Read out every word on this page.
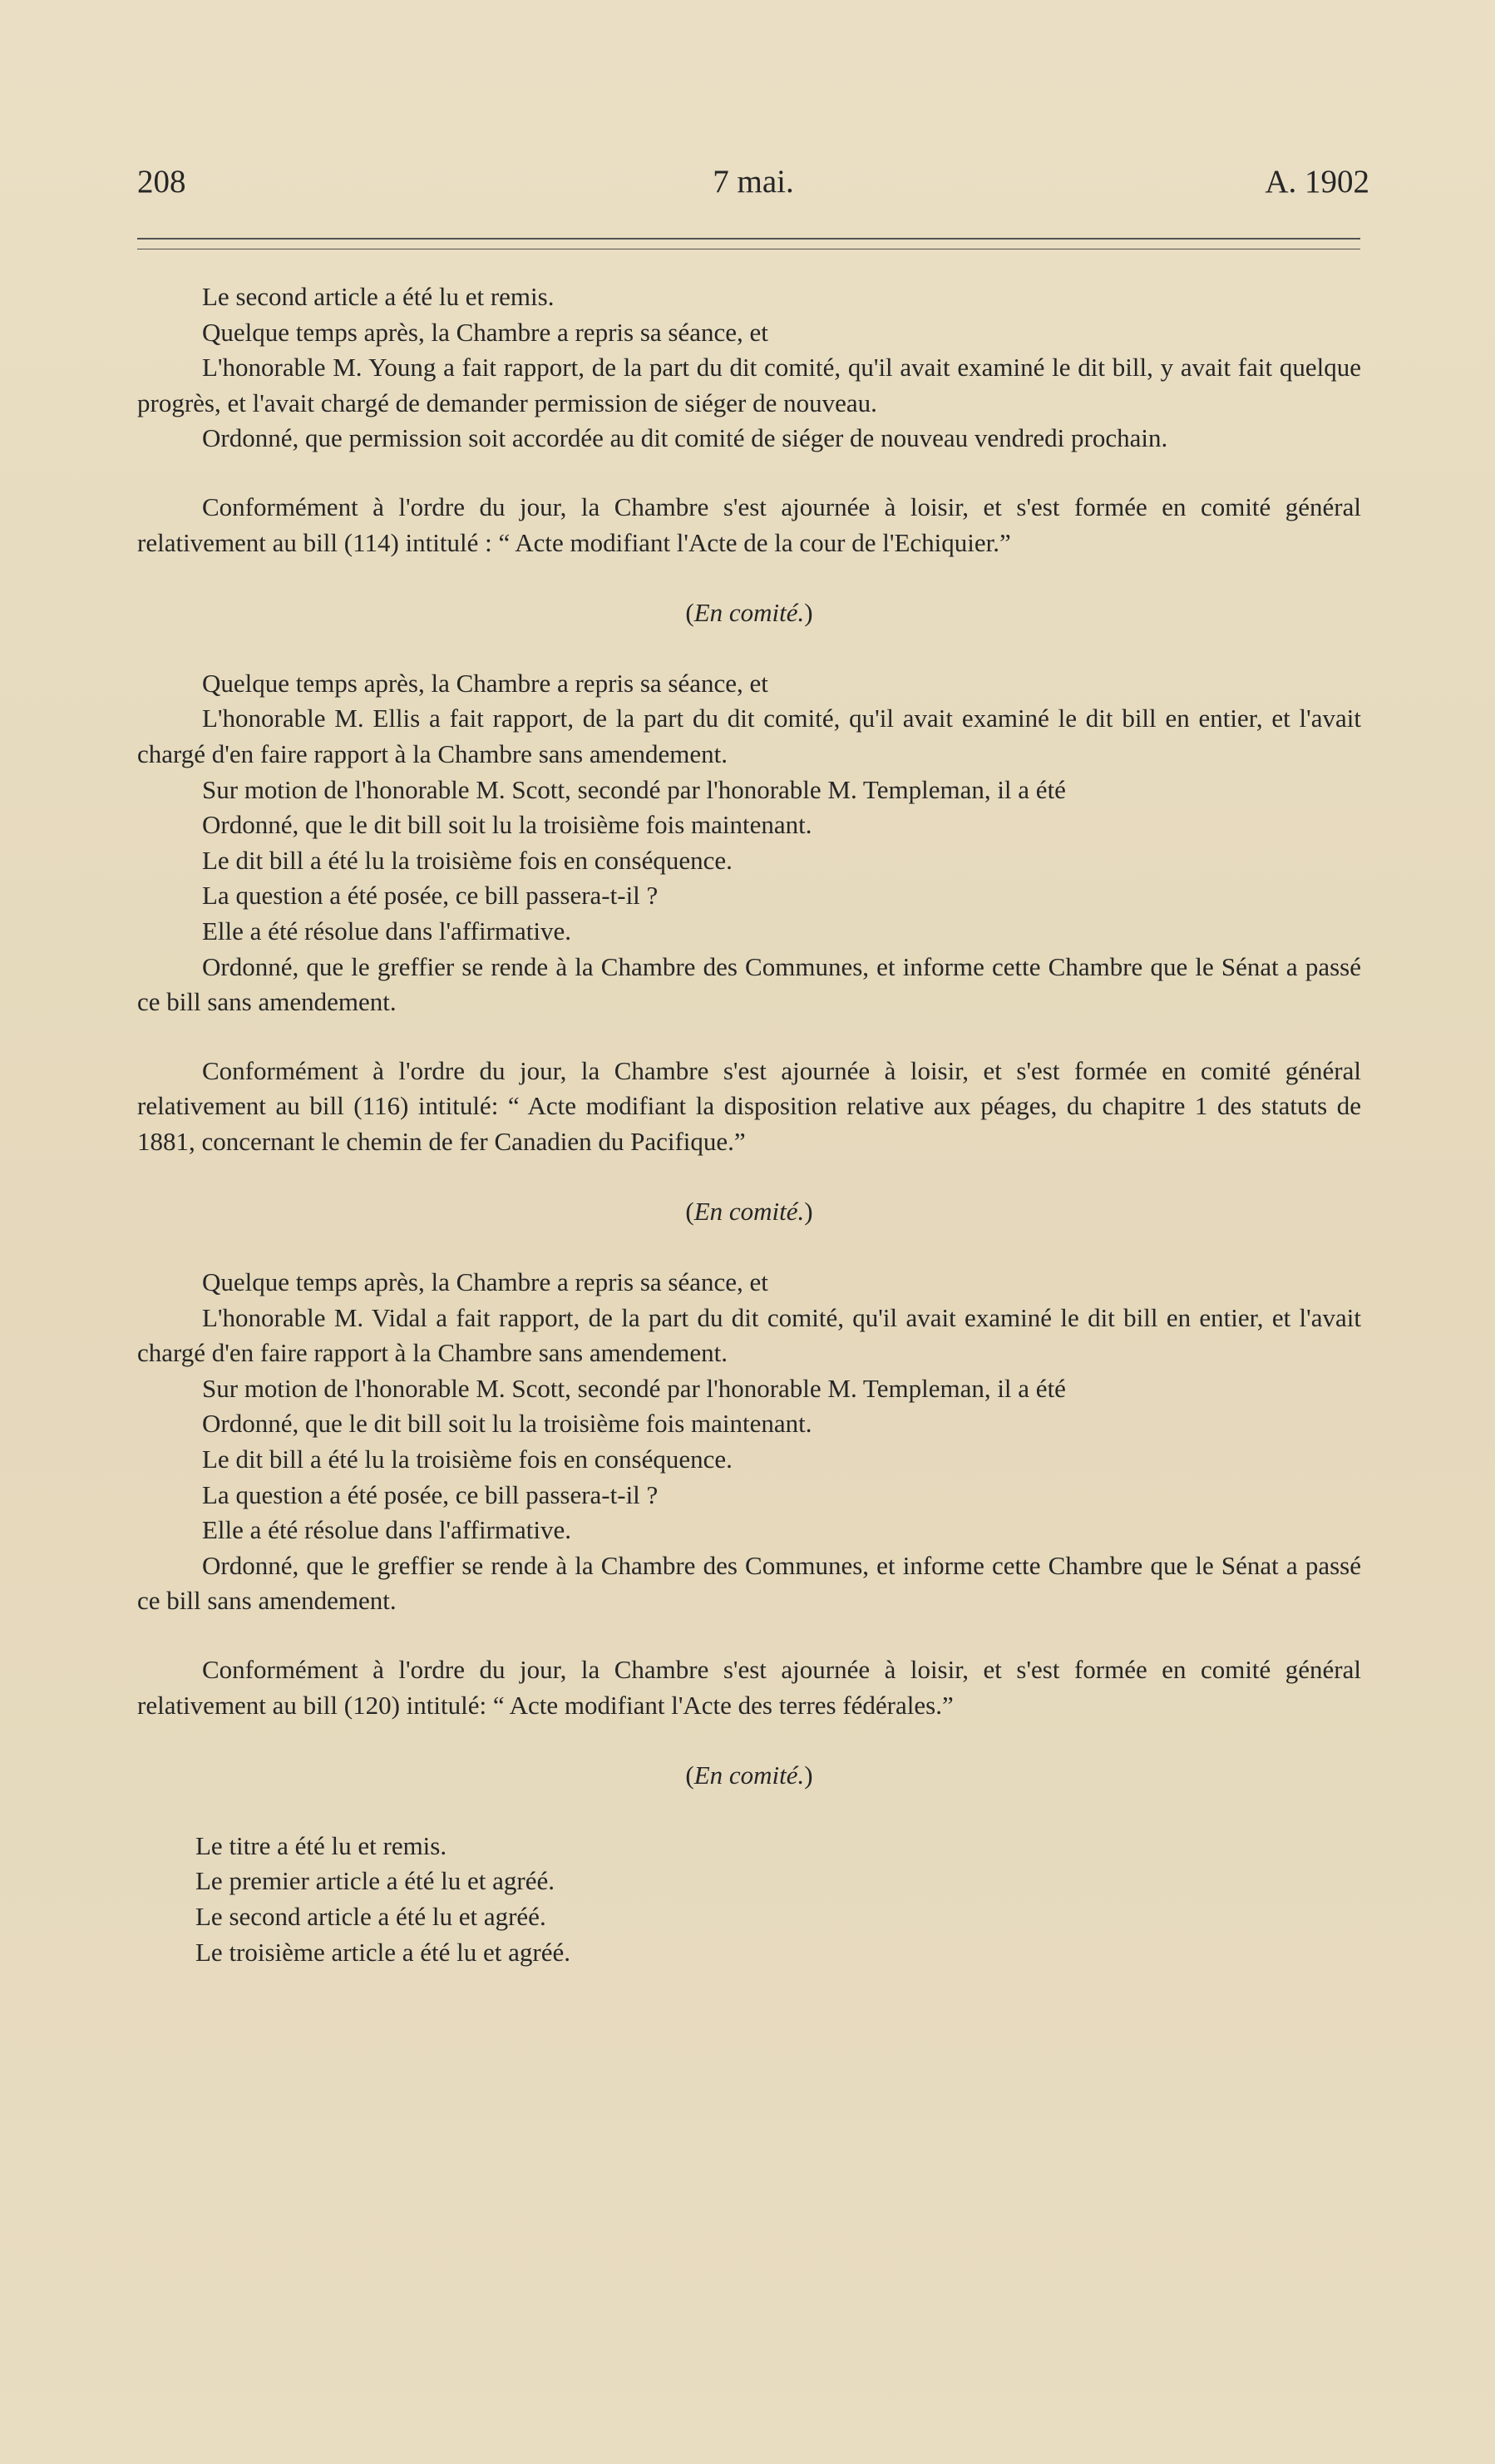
208	7 mai.	A. 1902

Le second article a été lu et remis.

Quelque temps après, la Chambre a repris sa séance, et

L'honorable M. Young a fait rapport, de la part du dit comité, qu'il avait examiné le dit bill, y avait fait quelque progrès, et l'avait chargé de demander permission de siéger de nouveau.

Ordonné, que permission soit accordée au dit comité de siéger de nouveau vendredi prochain.

Conformément à l'ordre du jour, la Chambre s'est ajournée à loisir, et s'est formée en comité général relativement au bill (114) intitulé : “ Acte modifiant l'Acte de la cour de l'Echiquier.”

(En comité.)

Quelque temps après, la Chambre a repris sa séance, et

L'honorable M. Ellis a fait rapport, de la part du dit comité, qu'il avait examiné le dit bill en entier, et l'avait chargé d'en faire rapport à la Chambre sans amendement.

Sur motion de l'honorable M. Scott, secondé par l'honorable M. Templeman, il a été

Ordonné, que le dit bill soit lu la troisième fois maintenant.

Le dit bill a été lu la troisième fois en conséquence.

La question a été posée, ce bill passera-t-il ?

Elle a été résolue dans l'affirmative.

Ordonné, que le greffier se rende à la Chambre des Communes, et informe cette Chambre que le Sénat a passé ce bill sans amendement.

Conformément à l'ordre du jour, la Chambre s'est ajournée à loisir, et s'est formée en comité général relativement au bill (116) intitulé: “ Acte modifiant la disposition relative aux péages, du chapitre 1 des statuts de 1881, concernant le chemin de fer Canadien du Pacifique.”

(En comité.)

Quelque temps après, la Chambre a repris sa séance, et

L'honorable M. Vidal a fait rapport, de la part du dit comité, qu'il avait examiné le dit bill en entier, et l'avait chargé d'en faire rapport à la Chambre sans amendement.

Sur motion de l'honorable M. Scott, secondé par l'honorable M. Templeman, il a été

Ordonné, que le dit bill soit lu la troisième fois maintenant.

Le dit bill a été lu la troisième fois en conséquence.

La question a été posée, ce bill passera-t-il ?

Elle a été résolue dans l'affirmative.

Ordonné, que le greffier se rende à la Chambre des Communes, et informe cette Chambre que le Sénat a passé ce bill sans amendement.

Conformément à l'ordre du jour, la Chambre s'est ajournée à loisir, et s'est formée en comité général relativement au bill (120) intitulé: “ Acte modifiant l'Acte des terres fédérales.”

(En comité.)

Le titre a été lu et remis.

Le premier article a été lu et agréé.

Le second article a été lu et agréé.

Le troisième article a été lu et agréé.
